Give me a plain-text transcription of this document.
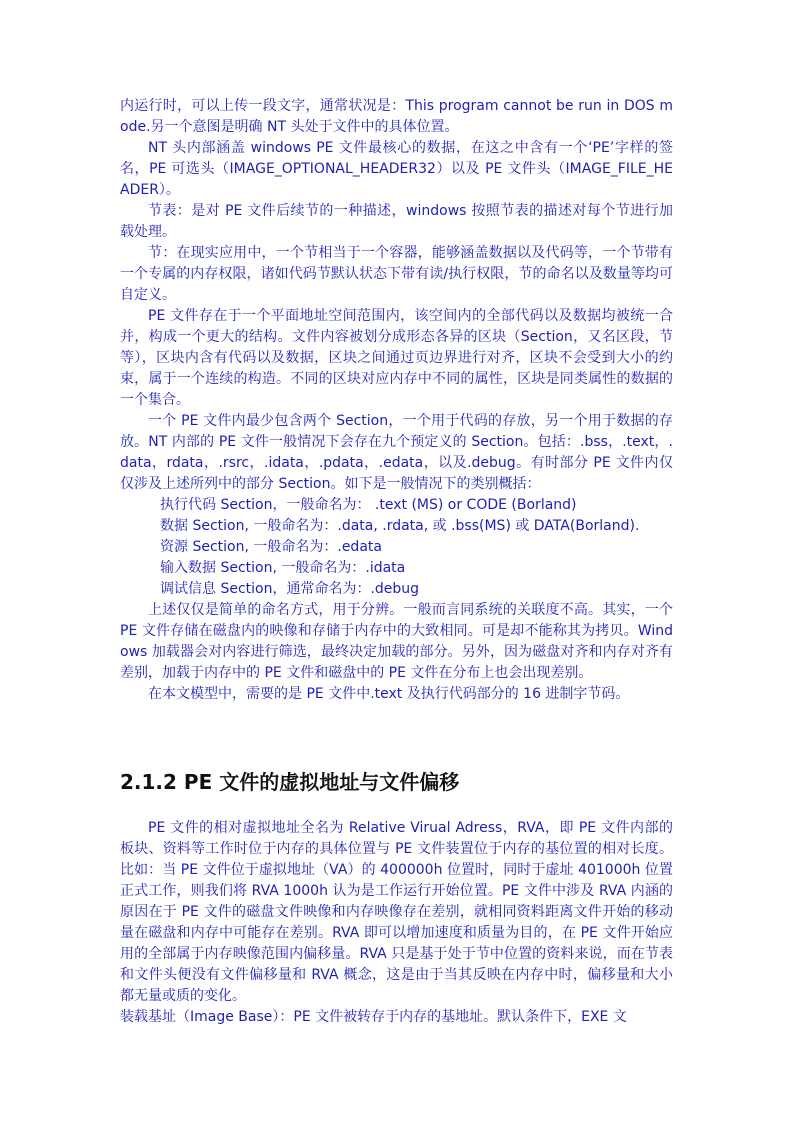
内运行时，可以上传一段文字，通常状况是：This program cannot be run in DOS mode.另一个意图是明确 NT 头处于文件中的具体位置。

NT 头内部涵盖 windows PE 文件最核心的数据，在这之中含有一个‘PE’字样的签名，PE 可选头（IMAGE_OPTIONAL_HEADER32）以及 PE 文件头（IMAGE_FILE_HEADER）。

节表：是对 PE 文件后续节的一种描述，windows 按照节表的描述对每个节进行加载处理。

节：在现实应用中，一个节相当于一个容器，能够涵盖数据以及代码等，一个节带有一个专属的内存权限，诸如代码节默认状态下带有读/执行权限，节的命名以及数量等均可自定义。

PE 文件存在于一个平面地址空间范围内，该空间内的全部代码以及数据均被统一合并，构成一个更大的结构。文件内容被划分成形态各异的区块（Section，又名区段，节等），区块内含有代码以及数据，区块之间通过页边界进行对齐，区块不会受到大小的约束，属于一个连续的构造。不同的区块对应内存中不同的属性，区块是同类属性的数据的一个集合。

一个 PE 文件内最少包含两个 Section，一个用于代码的存放，另一个用于数据的存放。NT 内部的 PE 文件一般情况下会存在九个预定义的 Section。包括：.bss，.text，.data，rdata，.rsrc，.idata，.pdata，.edata，以及.debug。有时部分 PE 文件内仅仅涉及上述所列中的部分 Section。如下是一般情况下的类别概括：

执行代码 Section，一般命名为： .text (MS) or CODE (Borland)

数据 Section, 一般命名为：.data, .rdata, 或 .bss(MS) 或 DATA(Borland).

资源 Section, 一般命名为：.edata

输入数据 Section, 一般命名为：.idata

调试信息 Section，通常命名为：.debug

上述仅仅是简单的命名方式，用于分辨。一般而言同系统的关联度不高。其实，一个 PE 文件存储在磁盘内的映像和存储于内存中的大致相同。可是却不能称其为拷贝。Windows 加载器会对内容进行筛选，最终决定加载的部分。另外，因为磁盘对齐和内存对齐有差别，加载于内存中的 PE 文件和磁盘中的 PE 文件在分布上也会出现差别。

在本文模型中，需要的是 PE 文件中.text 及执行代码部分的 16 进制字节码。

2.1.2 PE 文件的虚拟地址与文件偏移

PE 文件的相对虚拟地址全名为 Relative Virual Adress，RVA，即 PE 文件内部的板块、资料等工作时位于内存的具体位置与 PE 文件装置位于内存的基位置的相对长度。比如：当 PE 文件位于虚拟地址（VA）的 400000h 位置时，同时于虚址 401000h 位置正式工作，则我们将 RVA 1000h 认为是工作运行开始位置。PE 文件中涉及 RVA 内涵的原因在于 PE 文件的磁盘文件映像和内存映像存在差别，就相同资料距离文件开始的移动量在磁盘和内存中可能存在差别。RVA 即可以增加速度和质量为目的，在 PE 文件开始应用的全部属于内存映像范围内偏移量。RVA 只是基于处于节中位置的资料来说，而在节表和文件头便没有文件偏移量和 RVA 概念，这是由于当其反映在内存中时，偏移量和大小都无量或质的变化。

装载基址（Image Base）：PE 文件被转存于内存的基地址。默认条件下，EXE 文
